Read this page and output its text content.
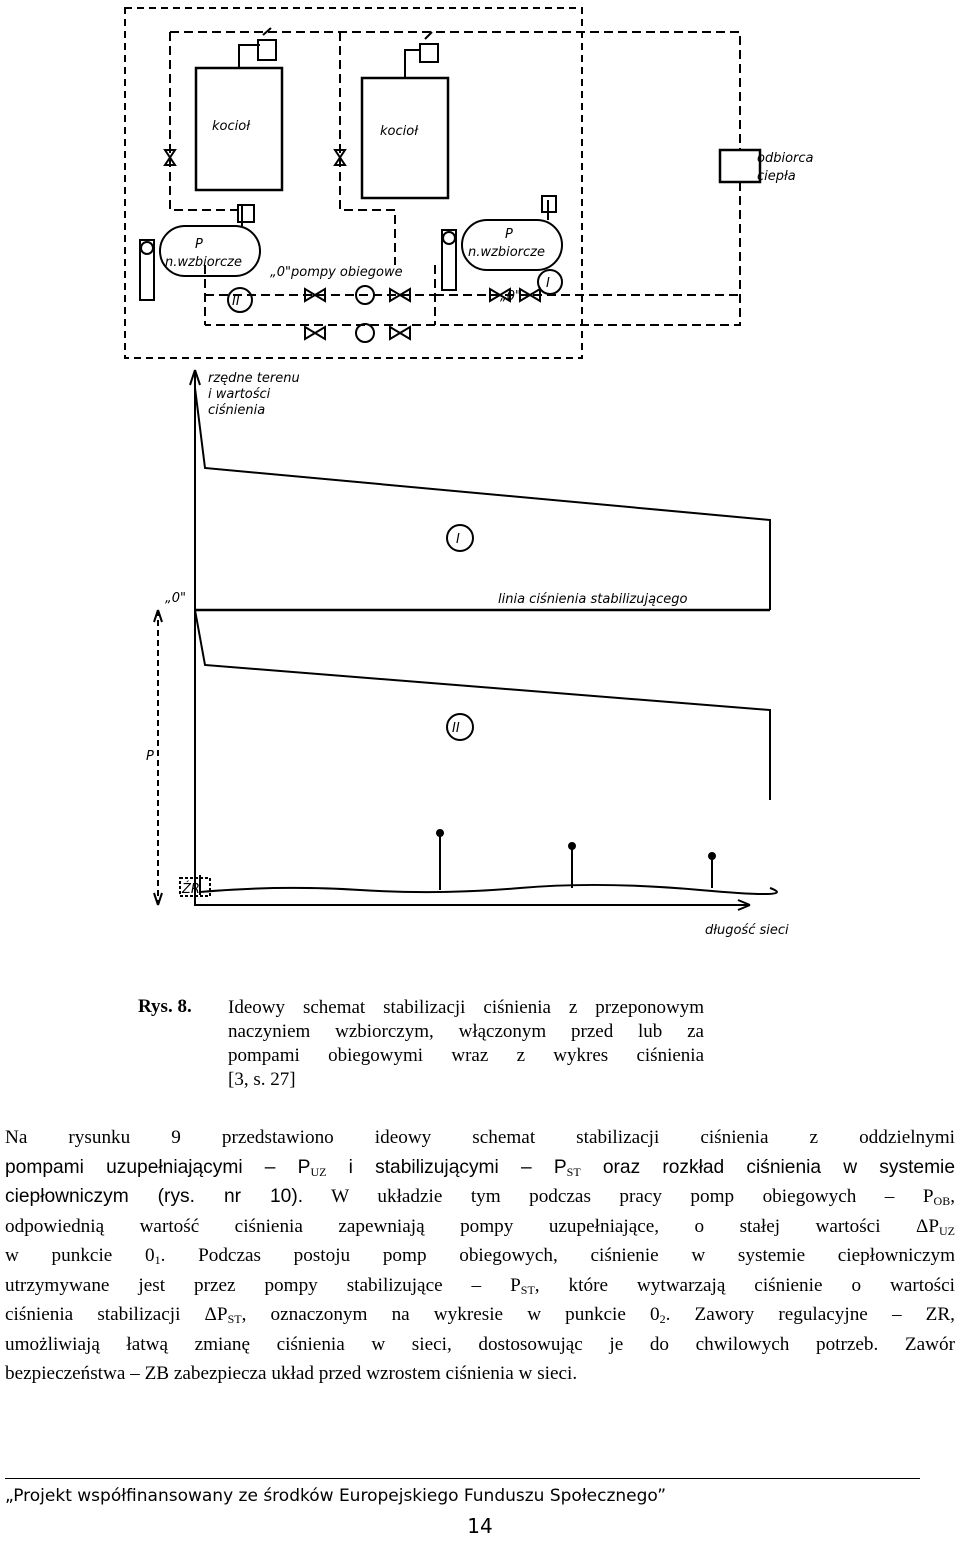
kocioł	kocioł
odbiorca
ciepła
P
n.wzbiorcze
P
n.wzbiorcze
„0"pompy obiegowe
„0"
I
II
rzędne terenu
i wartości
ciśnienia
I
II
„0"	linia ciśnienia stabilizującego
P
ŹR
długość sieci
Rys. 8. Ideowy schemat stabilizacji ciśnienia z przeponowym
naczyniem wzbiorczym, włączonym przed lub za
pompami obiegowymi wraz z wykres ciśnienia
[3, s. 27]
Na rysunku 9 przedstawiono ideowy schemat stabilizacji ciśnienia z oddzielnymi
pompami uzupełniającymi – $P_{UZ}$ i stabilizującymi – $P_{ST}$ oraz rozkład ciśnienia w systemie
ciepłowniczym (rys. nr 10). W układzie tym podczas pracy pomp obiegowych – $P_{OB}$,
odpowiednią wartość ciśnienia zapewniają pompy uzupełniające, o stałej wartości $\Delta P_{UZ}$
w punkcie $0_1$. Podczas postoju pomp obiegowych, ciśnienie w systemie ciepłowniczym
utrzymywane jest przez pompy stabilizujące – $P_{ST}$, które wytwarzają ciśnienie o wartości
ciśnienia stabilizacji $\Delta P_{ST}$, oznaczonym na wykresie w punkcie $0_2$. Zawory regulacyjne – ZR,
umożliwiają łatwą zmianę ciśnienia w sieci, dostosowując je do chwilowych potrzeb. Zawór
bezpieczeństwa – ZB zabezpiecza układ przed wzrostem ciśnienia w sieci.
„Projekt współfinansowany ze środków Europejskiego Funduszu Społecznego”
14
